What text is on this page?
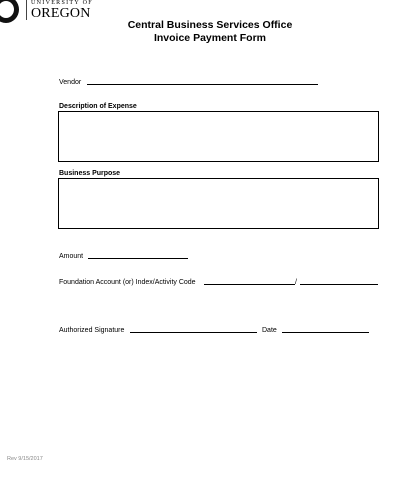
UNIVERSITY OF
OREGON
Central Business Services Office
Invoice Payment Form
Vendor
Description of Expense
Business Purpose
Amount
Foundation Account (or) Index/Activity Code	/
Authorized Signature	Date
Rev 9/15/2017
